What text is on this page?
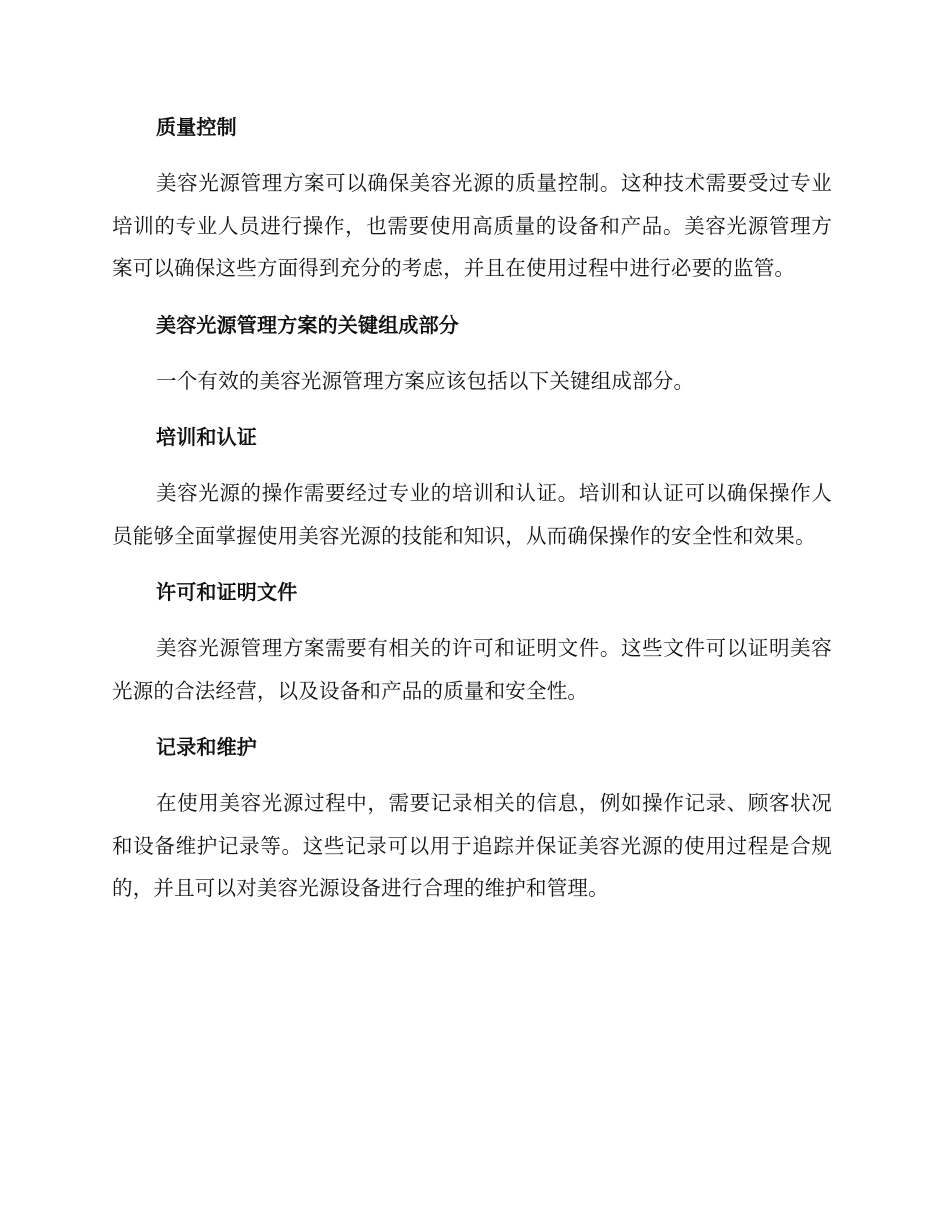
质量控制

美容光源管理方案可以确保美容光源的质量控制。这种技术需要受过专业培训的专业人员进行操作，也需要使用高质量的设备和产品。美容光源管理方案可以确保这些方面得到充分的考虑，并且在使用过程中进行必要的监管。

美容光源管理方案的关键组成部分

一个有效的美容光源管理方案应该包括以下关键组成部分。

培训和认证

美容光源的操作需要经过专业的培训和认证。培训和认证可以确保操作人员能够全面掌握使用美容光源的技能和知识，从而确保操作的安全性和效果。

许可和证明文件

美容光源管理方案需要有相关的许可和证明文件。这些文件可以证明美容光源的合法经营，以及设备和产品的质量和安全性。

记录和维护

在使用美容光源过程中，需要记录相关的信息，例如操作记录、顾客状况和设备维护记录等。这些记录可以用于追踪并保证美容光源的使用过程是合规的，并且可以对美容光源设备进行合理的维护和管理。
